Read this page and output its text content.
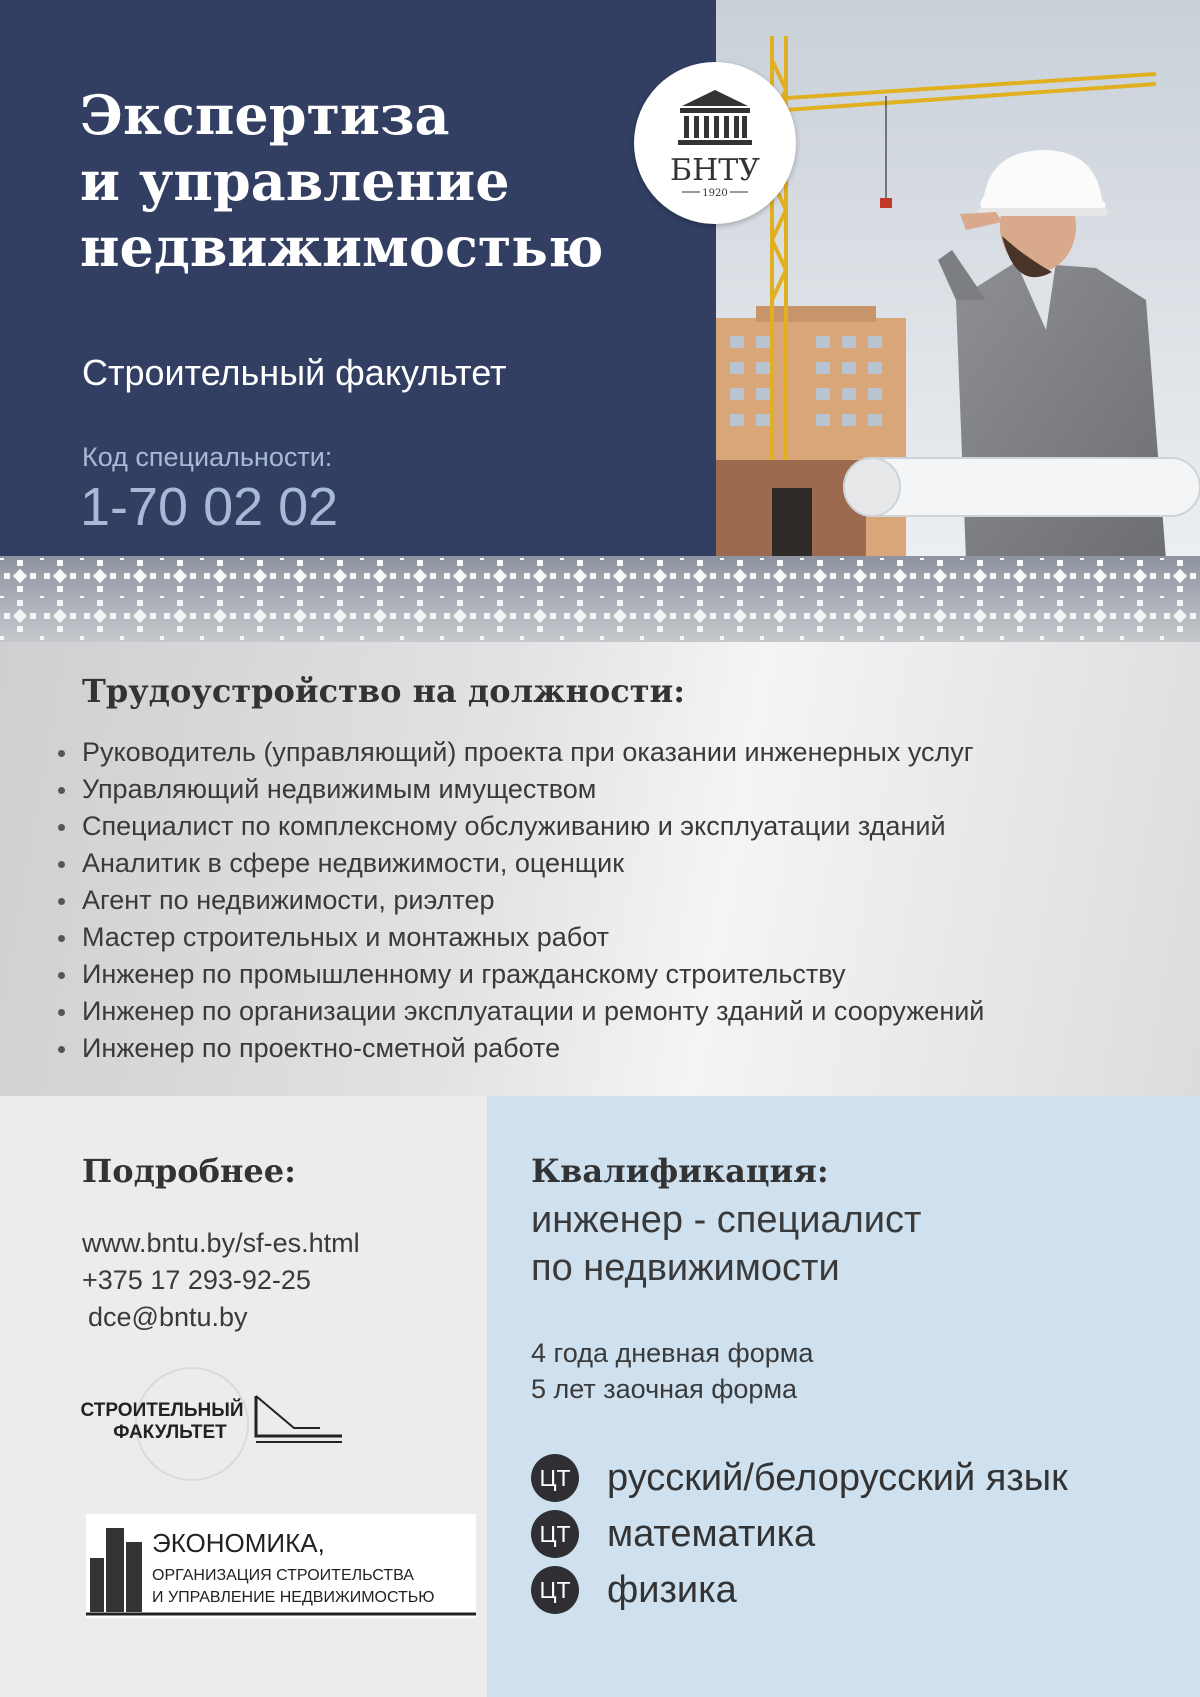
Экспертиза
и управление
недвижимостью
Строительный факультет
Код специальности:
1-70 02 02
БНТУ
1920
Трудоустройство на должности:
Руководитель (управляющий) проекта при оказании инженерных услуг
Управляющий недвижимым имуществом
Специалист по комплексному обслуживанию и эксплуатации зданий
Аналитик в сфере недвижимости, оценщик
Агент по недвижимости, риэлтер
Мастер строительных и монтажных работ
Инженер по промышленному и гражданскому строительству
Инженер по организации эксплуатации и ремонту зданий и сооружений
Инженер по проектно-сметной работе
Подробнее:
www.bntu.by/sf-es.html
+375 17 293-92-25
dce@bntu.by
СТРОИТЕЛЬНЫЙ
ФАКУЛЬТЕТ
ЭКОНОМИКА,
ОРГАНИЗАЦИЯ СТРОИТЕЛЬСТВА
И УПРАВЛЕНИЕ НЕДВИЖИМОСТЬЮ
Квалификация:
инженер - специалист
по недвижимости
4 года дневная форма
5 лет заочная форма
ЦТ русский/белорусский язык
ЦТ математика
ЦТ физика
